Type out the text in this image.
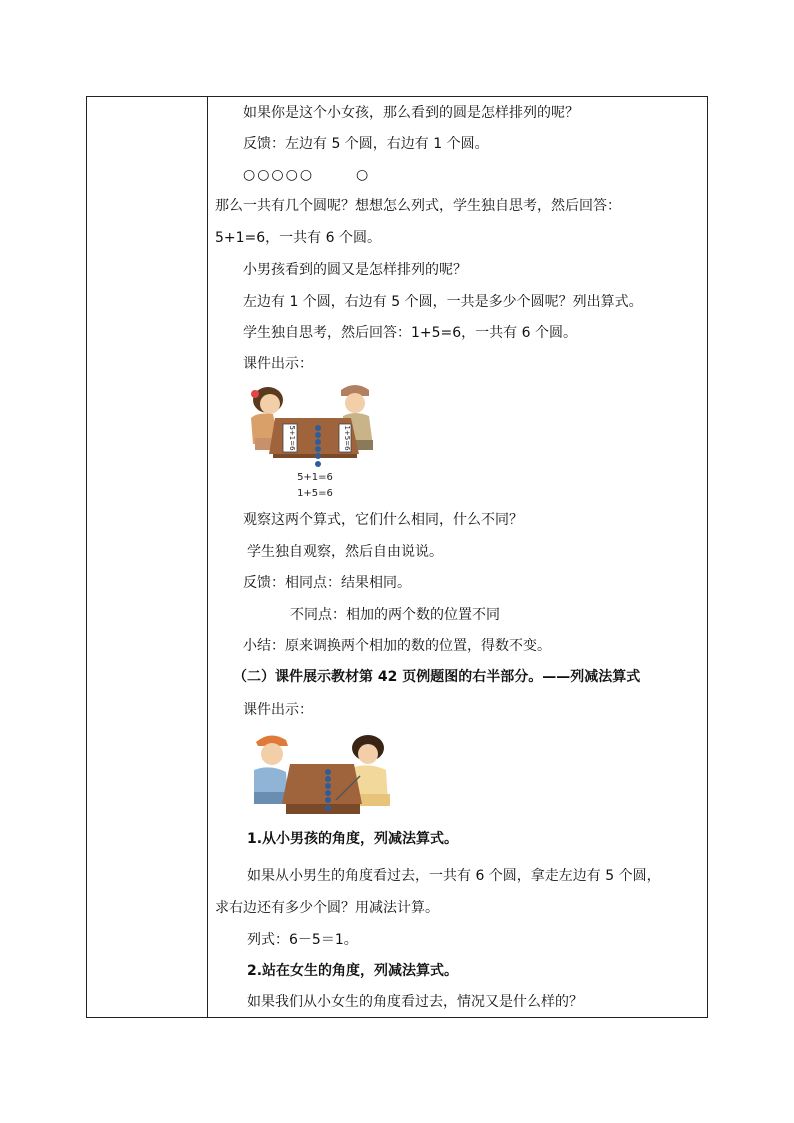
如果你是这个小女孩，那么看到的圆是怎样排列的呢？
反馈：左边有 5 个圆，右边有 1 个圆。
○○○○○	○
那么一共有几个圆呢？想想怎么列式，学生独自思考，然后回答：
5+1=6，一共有 6 个圆。
小男孩看到的圆又是怎样排列的呢？
左边有 1 个圆，右边有 5 个圆，一共是多少个圆呢？列出算式。
学生独自思考，然后回答：1+5=6，一共有 6 个圆。
课件出示：
5+1=6	1+5=6
5+1=6
1+5=6
观察这两个算式，它们什么相同，什么不同？
学生独自观察，然后自由说说。
反馈：相同点：结果相同。
不同点：相加的两个数的位置不同
小结：原来调换两个相加的数的位置，得数不变。
（二）课件展示教材第 42 页例题图的右半部分。——列减法算式
课件出示：
1.从小男孩的角度，列减法算式。
如果从小男生的角度看过去，一共有 6 个圆，拿走左边有 5 个圆，
求右边还有多少个圆？用减法计算。
列式：6－5＝1。
2.站在女生的角度，列减法算式。
如果我们从小女生的角度看过去，情况又是什么样的？
